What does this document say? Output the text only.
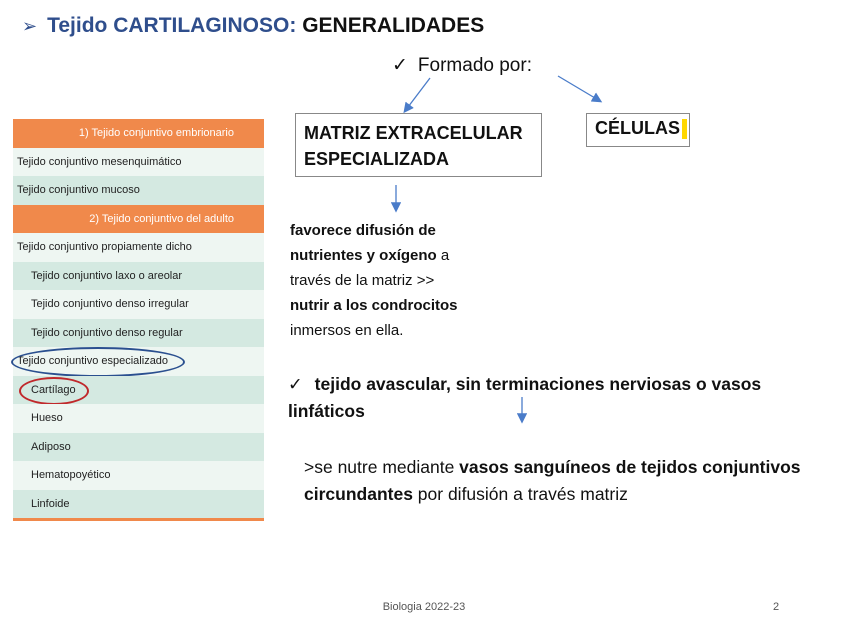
➢ Tejido CARTILAGINOSO: GENERALIDADES
✓ Formado por:
1) Tejido conjuntivo embrionario
Tejido conjuntivo mesenquimático
Tejido conjuntivo mucoso
2) Tejido conjuntivo del adulto
Tejido conjuntivo propiamente dicho
Tejido conjuntivo laxo o areolar
Tejido conjuntivo denso irregular
Tejido conjuntivo denso regular
Tejido conjuntivo especializado
Cartílago
Hueso
Adiposo
Hematopoyético
Linfoide
MATRIZ EXTRACELULAR
ESPECIALIZADA
CÉLULAS
favorece difusión de
nutrientes y oxígeno a
través de la matriz >>
nutrir a los condrocitos
inmersos en ella.
✓ tejido avascular, sin terminaciones nerviosas o vasos linfáticos
>se nutre mediante vasos sanguíneos de tejidos conjuntivos circundantes por difusión a través matriz
Biologia 2022-23	2
